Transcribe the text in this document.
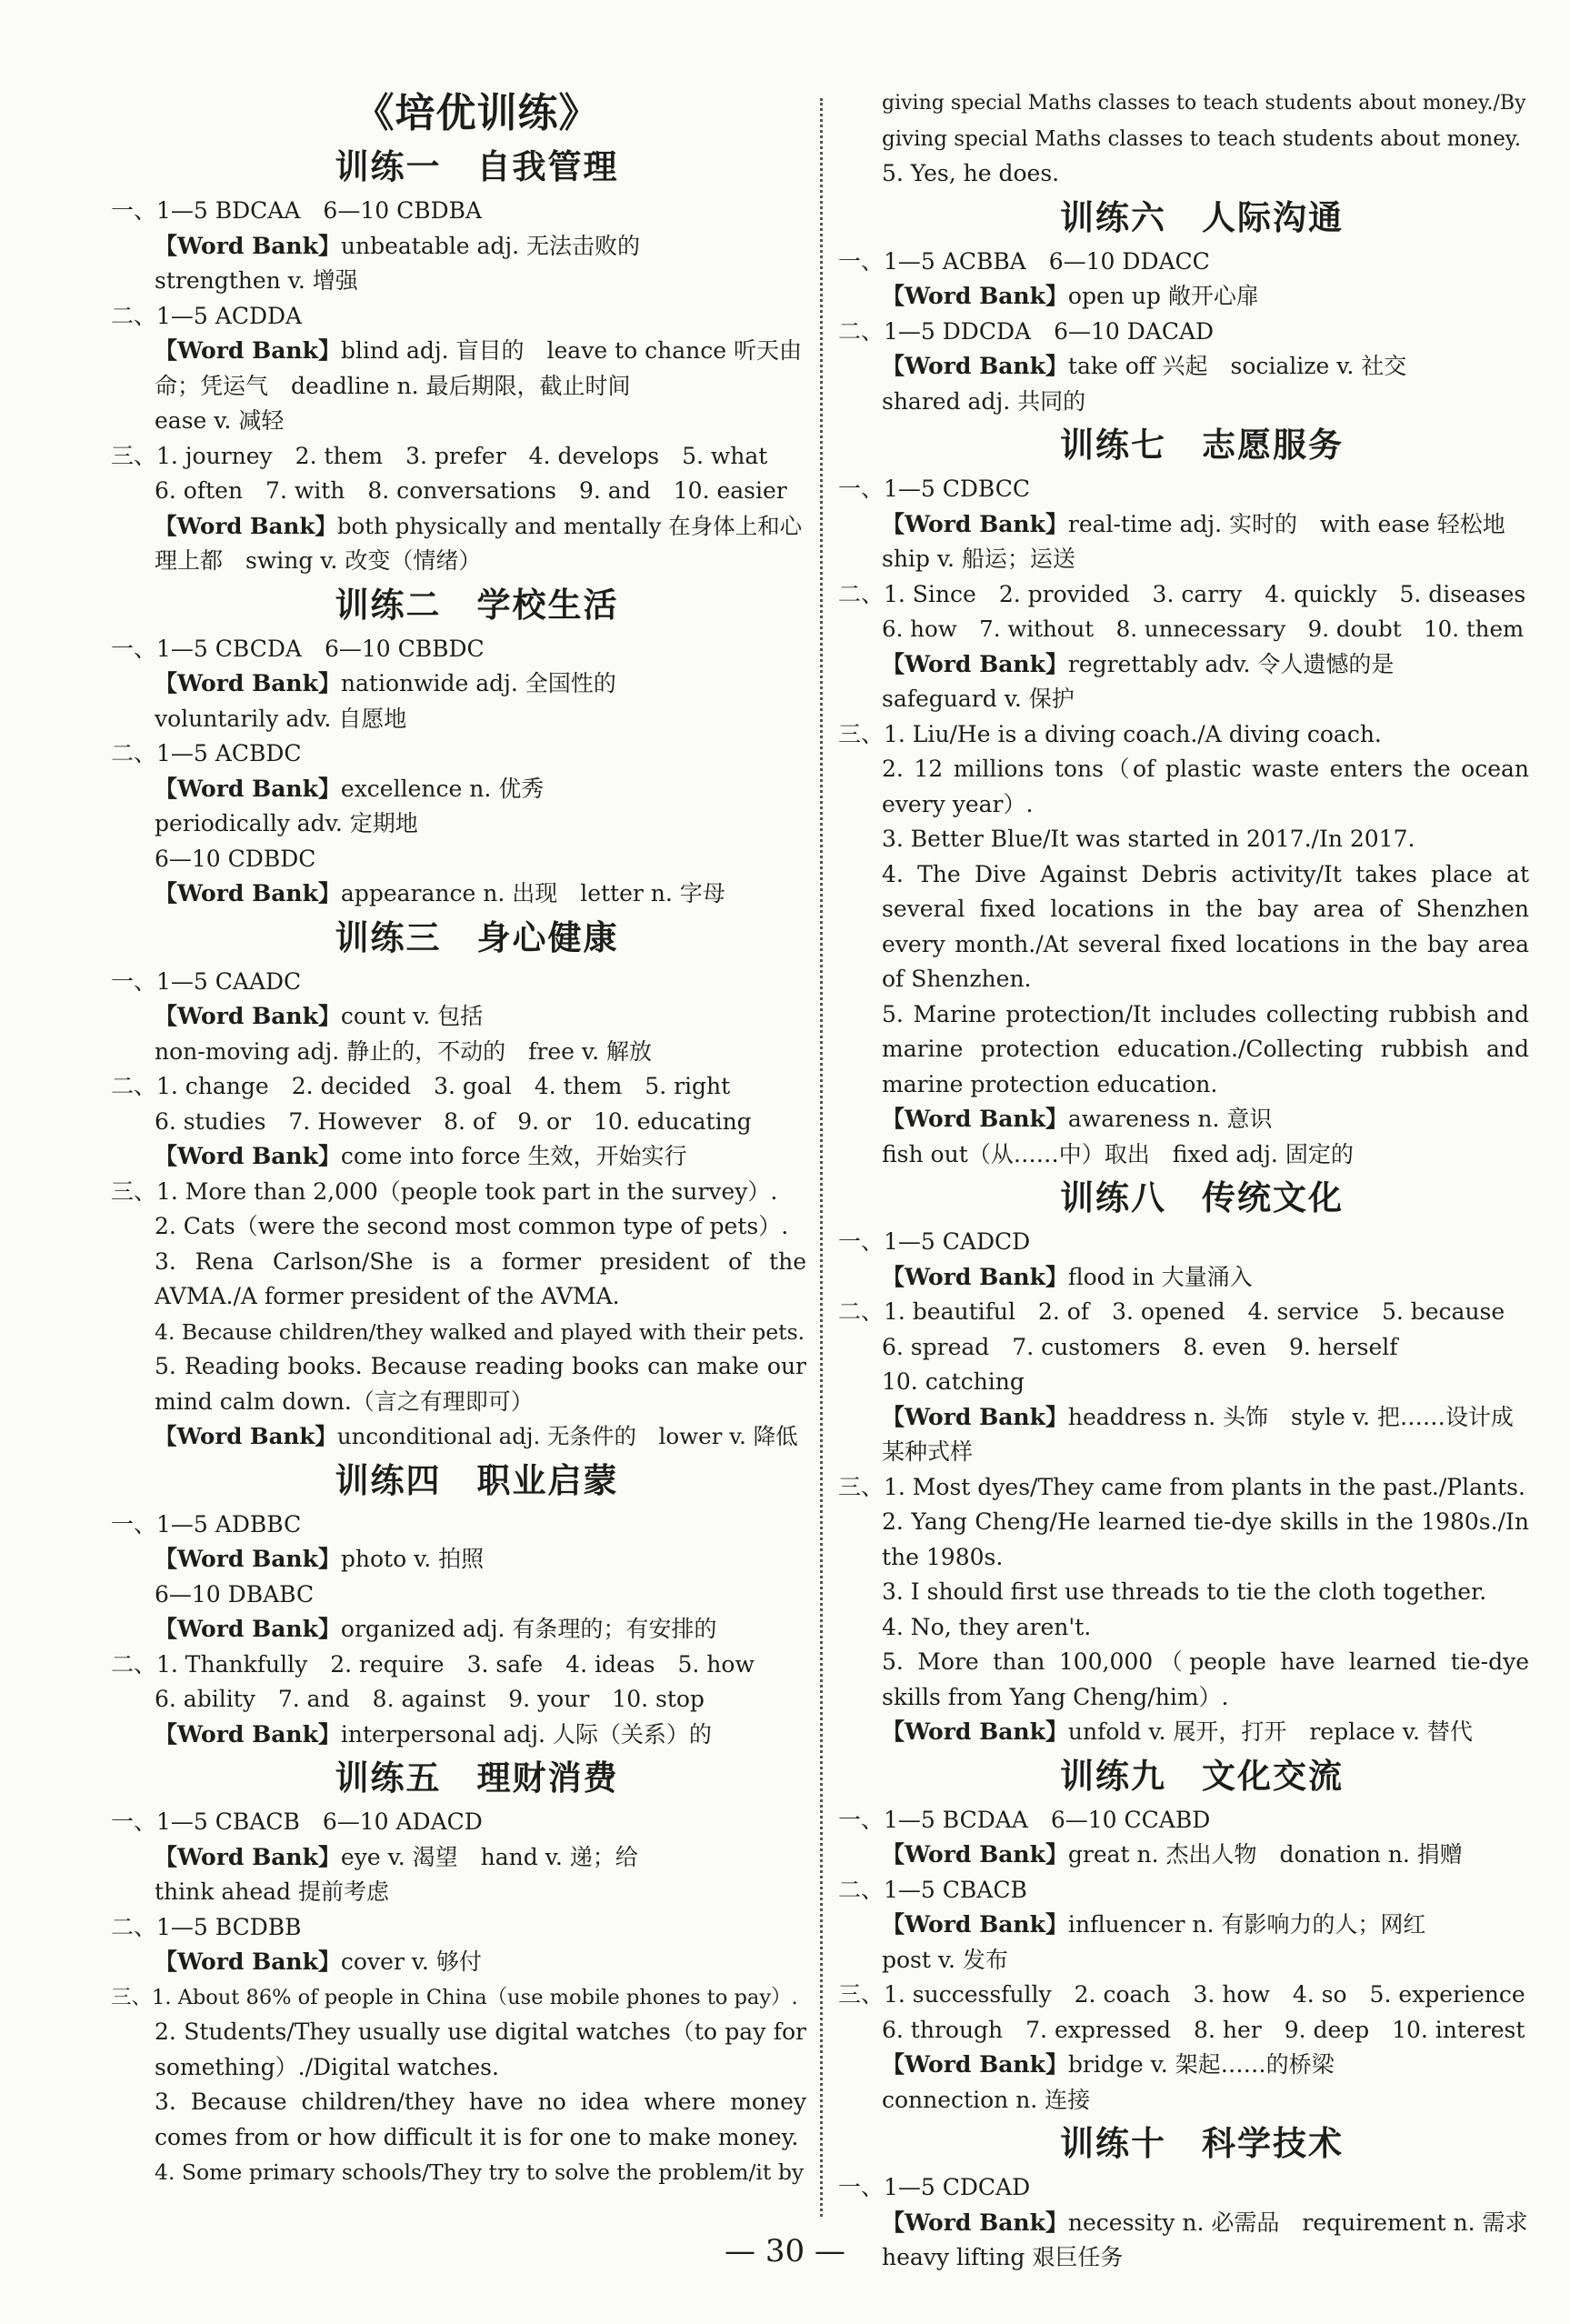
《培优训练》
训练一　自我管理
一、1—5 BDCAA　6—10 CBDBA
【Word Bank】unbeatable adj. 无法击败的
strengthen v. 增强
二、1—5 ACDDA
【Word Bank】blind adj. 盲目的　leave to chance 听天由
命；凭运气　deadline n. 最后期限，截止时间
ease v. 减轻
三、1. journey　2. them　3. prefer　4. develops　5. what
6. often　7. with　8. conversations　9. and　10. easier
【Word Bank】both physically and mentally 在身体上和心
理上都　swing v. 改变（情绪）
训练二　学校生活
一、1—5 CBCDA　6—10 CBBDC
【Word Bank】nationwide adj. 全国性的
voluntarily adv. 自愿地
二、1—5 ACBDC
【Word Bank】excellence n. 优秀
periodically adv. 定期地
6—10 CDBDC
【Word Bank】appearance n. 出现　letter n. 字母
训练三　身心健康
一、1—5 CAADC
【Word Bank】count v. 包括
non-moving adj. 静止的，不动的　free v. 解放
二、1. change　2. decided　3. goal　4. them　5. right
6. studies　7. However　8. of　9. or　10. educating
【Word Bank】come into force 生效，开始实行
三、1. More than 2,000（people took part in the survey）.
2. Cats（were the second most common type of pets）.
3. Rena Carlson/She is a former president of the AVMA./A former president of the AVMA.
4. Because children/they walked and played with their pets.
5. Reading books. Because reading books can make our mind calm down.（言之有理即可）
【Word Bank】unconditional adj. 无条件的　lower v. 降低
训练四　职业启蒙
一、1—5 ADBBC
【Word Bank】photo v. 拍照
6—10 DBABC
【Word Bank】organized adj. 有条理的；有安排的
二、1. Thankfully　2. require　3. safe　4. ideas　5. how
6. ability　7. and　8. against　9. your　10. stop
【Word Bank】interpersonal adj. 人际（关系）的
训练五　理财消费
一、1—5 CBACB　6—10 ADACD
【Word Bank】eye v. 渴望　hand v. 递；给
think ahead 提前考虑
二、1—5 BCDBB
【Word Bank】cover v. 够付
三、1. About 86% of people in China（use mobile phones to pay）.
2. Students/They usually use digital watches（to pay for something）./Digital watches.
3. Because children/they have no idea where money comes from or how difficult it is for one to make money.
4. Some primary schools/They try to solve the problem/it by
giving special Maths classes to teach students about money./By
giving special Maths classes to teach students about money.
5. Yes, he does.
训练六　人际沟通
一、1—5 ACBBA　6—10 DDACC
【Word Bank】open up 敞开心扉
二、1—5 DDCDA　6—10 DACAD
【Word Bank】take off 兴起　socialize v. 社交
shared adj. 共同的
训练七　志愿服务
一、1—5 CDBCC
【Word Bank】real-time adj. 实时的　with ease 轻松地
ship v. 船运；运送
二、1. Since　2. provided　3. carry　4. quickly　5. diseases
6. how　7. without　8. unnecessary　9. doubt　10. them
【Word Bank】regrettably adv. 令人遗憾的是
safeguard v. 保护
三、1. Liu/He is a diving coach./A diving coach.
2. 12 millions tons（of plastic waste enters the ocean every year）.
3. Better Blue/It was started in 2017./In 2017.
4. The Dive Against Debris activity/It takes place at several fixed locations in the bay area of Shenzhen every month./At several fixed locations in the bay area of Shenzhen.
5. Marine protection/It includes collecting rubbish and marine protection education./Collecting rubbish and marine protection education.
【Word Bank】awareness n. 意识
fish out（从……中）取出　fixed adj. 固定的
训练八　传统文化
一、1—5 CADCD
【Word Bank】flood in 大量涌入
二、1. beautiful　2. of　3. opened　4. service　5. because
6. spread　7. customers　8. even　9. herself
10. catching
【Word Bank】headdress n. 头饰　style v. 把……设计成
某种式样
三、1. Most dyes/They came from plants in the past./Plants.
2. Yang Cheng/He learned tie-dye skills in the 1980s./In the 1980s.
3. I should first use threads to tie the cloth together.
4. No, they aren't.
5. More than 100,000（people have learned tie-dye skills from Yang Cheng/him）.
【Word Bank】unfold v. 展开，打开　replace v. 替代
训练九　文化交流
一、1—5 BCDAA　6—10 CCABD
【Word Bank】great n. 杰出人物　donation n. 捐赠
二、1—5 CBACB
【Word Bank】influencer n. 有影响力的人；网红
post v. 发布
三、1. successfully　2. coach　3. how　4. so　5. experience
6. through　7. expressed　8. her　9. deep　10. interest
【Word Bank】bridge v. 架起……的桥梁
connection n. 连接
训练十　科学技术
一、1—5 CDCAD
【Word Bank】necessity n. 必需品　requirement n. 需求
heavy lifting 艰巨任务
— 30 —
